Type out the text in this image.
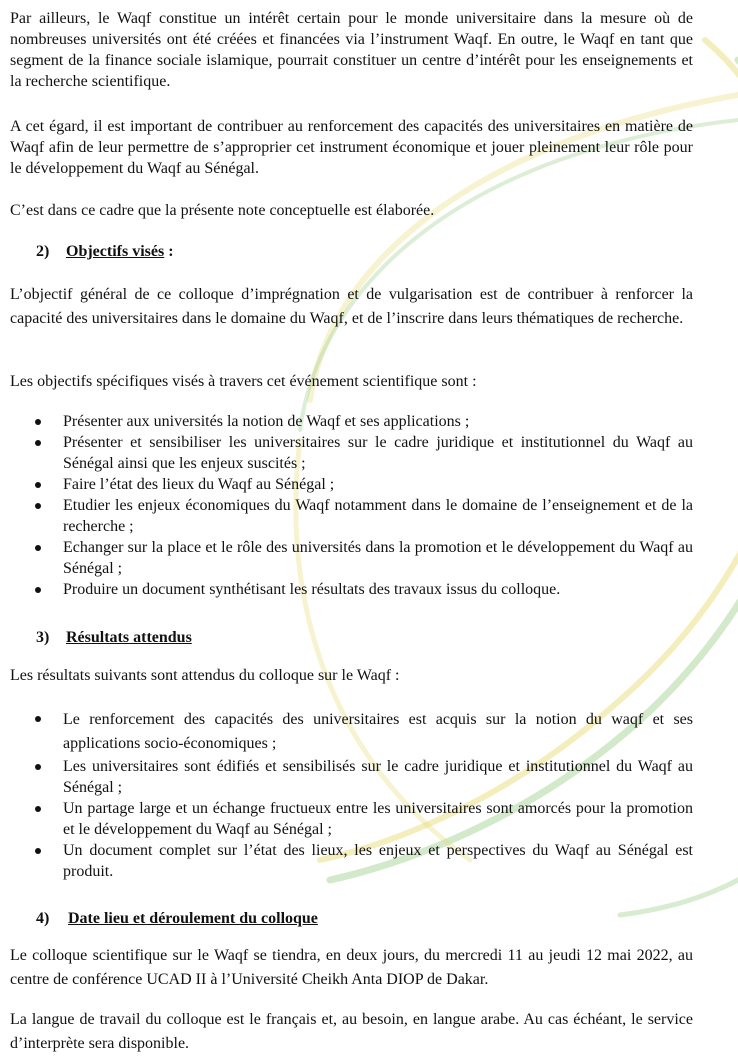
Par ailleurs, le Waqf constitue un intérêt certain pour le monde universitaire dans la mesure où de nombreuses universités ont été créées et financées via l’instrument Waqf. En outre, le Waqf en tant que segment de la finance sociale islamique, pourrait constituer un centre d’intérêt pour les enseignements et la recherche scientifique.

A cet égard, il est important de contribuer au renforcement des capacités des universitaires en matière de Waqf afin de leur permettre de s’approprier cet instrument économique et jouer pleinement leur rôle pour le développement du Waqf au Sénégal.

C’est dans ce cadre que la présente note conceptuelle est élaborée.

2) Objectifs visés :

L’objectif général de ce colloque d’imprégnation et de vulgarisation est de contribuer à renforcer la capacité des universitaires dans le domaine du Waqf, et de l’inscrire dans leurs thématiques de recherche.

Les objectifs spécifiques visés à travers cet événement scientifique sont :

Présenter aux universités la notion de Waqf et ses applications ;
Présenter et sensibiliser les universitaires sur le cadre juridique et institutionnel du Waqf au Sénégal ainsi que les enjeux suscités ;
Faire l’état des lieux du Waqf au Sénégal ;
Etudier les enjeux économiques du Waqf notamment dans le domaine de l’enseignement et de la recherche ;
Echanger sur la place et le rôle des universités dans la promotion et le développement du Waqf au Sénégal ;
Produire un document synthétisant les résultats des travaux issus du colloque.
3) Résultats attendus

Les résultats suivants sont attendus du colloque sur le Waqf :

Le renforcement des capacités des universitaires est acquis sur la notion du waqf et ses applications socio-économiques ;
Les universitaires sont édifiés et sensibilisés sur le cadre juridique et institutionnel du Waqf au Sénégal ;
Un partage large et un échange fructueux entre les universitaires sont amorcés pour la promotion et le développement du Waqf au Sénégal ;
Un document complet sur l’état des lieux, les enjeux et perspectives du Waqf au Sénégal est produit.
4) Date lieu et déroulement du colloque

Le colloque scientifique sur le Waqf se tiendra, en deux jours, du mercredi 11 au jeudi 12 mai 2022, au centre de conférence UCAD II à l’Université Cheikh Anta DIOP de Dakar.

La langue de travail du colloque est le français et, au besoin, en langue arabe. Au cas échéant, le service d’interprète sera disponible.
